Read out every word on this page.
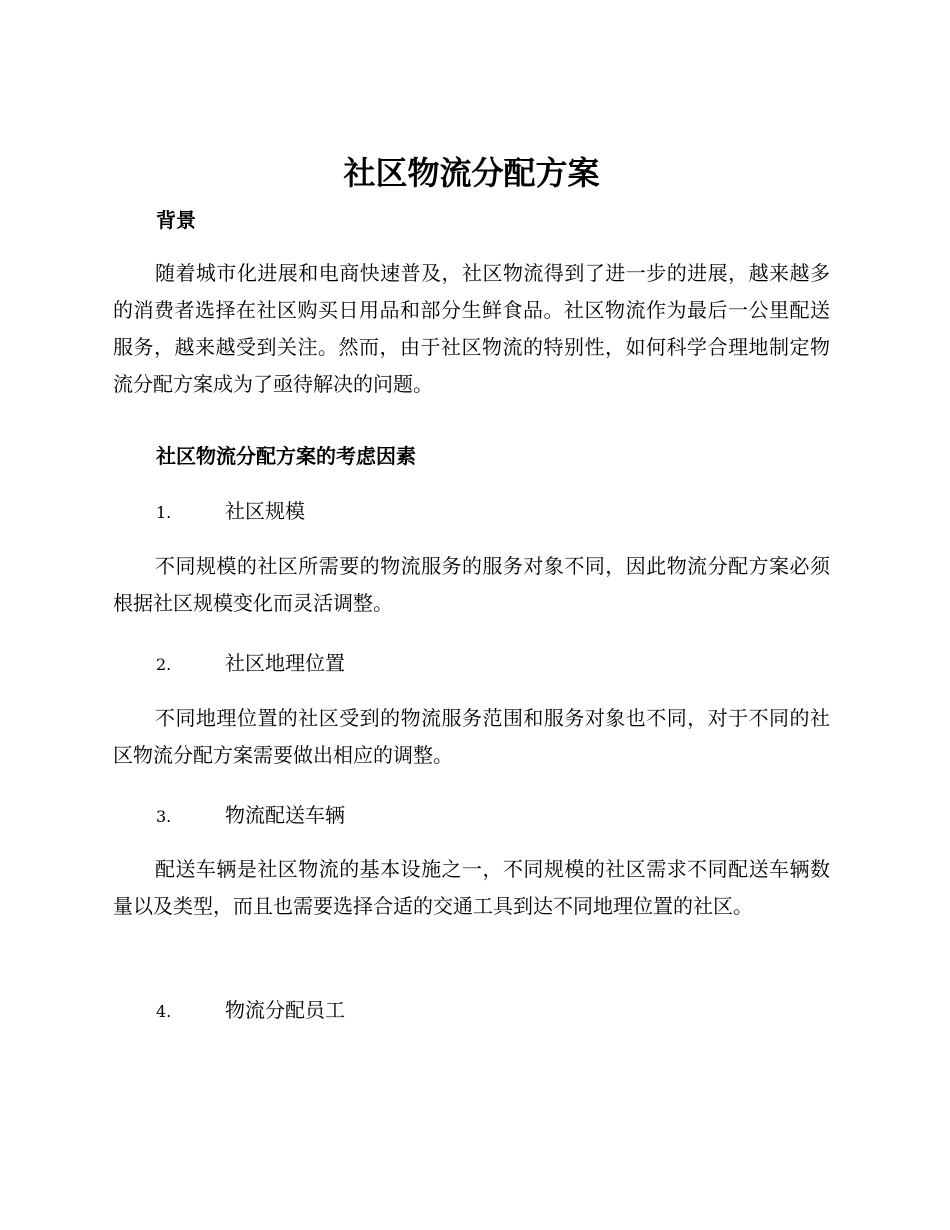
社区物流分配方案
背景

随着城市化进展和电商快速普及，社区物流得到了进一步的进展，越来越多的消费者选择在社区购买日用品和部分生鲜食品。社区物流作为最后一公里配送服务，越来越受到关注。然而，由于社区物流的特别性，如何科学合理地制定物流分配方案成为了亟待解决的问题。

社区物流分配方案的考虑因素
1.	社区规模

不同规模的社区所需要的物流服务的服务对象不同，因此物流分配方案必须根据社区规模变化而灵活调整。

2.	社区地理位置

不同地理位置的社区受到的物流服务范围和服务对象也不同，对于不同的社区物流分配方案需要做出相应的调整。

3.	物流配送车辆

配送车辆是社区物流的基本设施之一，不同规模的社区需求不同配送车辆数量以及类型，而且也需要选择合适的交通工具到达不同地理位置的社区。

4.	物流分配员工
